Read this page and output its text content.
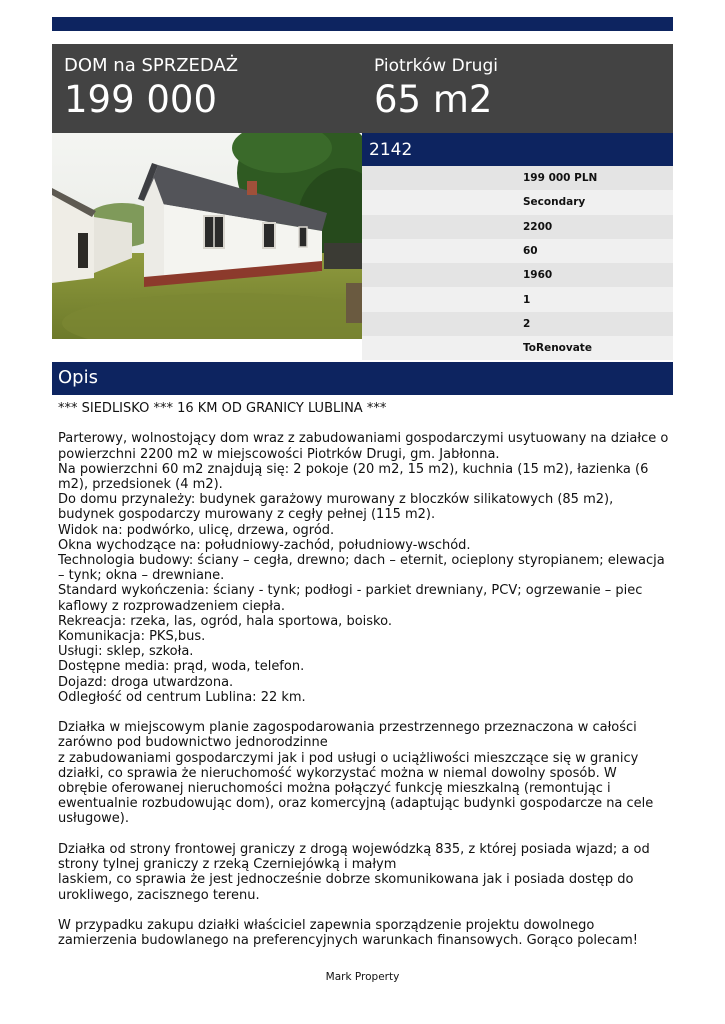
DOM na SPRZEDAŻ
199 000
Piotrków Drugi
65 m2
2142
199 000 PLN
Secondary
2200
60
1960
1
2
ToRenovate
Opis

*** SIEDLISKO *** 16 KM OD GRANICY LUBLINA ***

Parterowy, wolnostojący dom wraz z zabudowaniami gospodarczymi usytuowany na działce o powierzchni 2200 m2 w miejscowości Piotrków Drugi, gm. Jabłonna.

Na powierzchni 60 m2 znajdują się: 2 pokoje (20 m2, 15 m2), kuchnia (15 m2), łazienka (6 m2), przedsionek (4 m2).

Do domu przynależy: budynek garażowy murowany z bloczków silikatowych (85 m2), budynek gospodarczy murowany z cegły pełnej (115 m2).

Widok na: podwórko, ulicę, drzewa, ogród.

Okna wychodzące na: południowy-zachód, południowy-wschód.

Technologia budowy: ściany – cegła, drewno; dach – eternit, ocieplony styropianem; elewacja – tynk; okna – drewniane.

Standard wykończenia: ściany - tynk; podłogi - parkiet drewniany, PCV; ogrzewanie – piec kaflowy z rozprowadzeniem ciepła.

Rekreacja: rzeka, las, ogród, hala sportowa, boisko.

Komunikacja: PKS,bus.

Usługi: sklep, szkoła.

Dostępne media: prąd, woda, telefon.

Dojazd: droga utwardzona.

Odległość od centrum Lublina: 22 km.

Działka w miejscowym planie zagospodarowania przestrzennego przeznaczona w całości zarówno pod budownictwo jednorodzinne

z zabudowaniami gospodarczymi jak i pod usługi o uciążliwości mieszczące się w granicy działki, co sprawia że nieruchomość wykorzystać można w niemal dowolny sposób. W obrębie oferowanej nieruchomości można połączyć funkcję mieszkalną (remontując i ewentualnie rozbudowując dom), oraz komercyjną (adaptując budynki gospodarcze na cele usługowe).

Działka od strony frontowej graniczy z drogą wojewódzką 835, z której posiada wjazd; a od strony tylnej graniczy z rzeką Czerniejówką i małym

laskiem, co sprawia że jest jednocześnie dobrze skomunikowana jak i posiada dostęp do urokliwego, zacisznego terenu.

W przypadku zakupu działki właściciel zapewnia sporządzenie projektu dowolnego zamierzenia budowlanego na preferencyjnych warunkach finansowych. Gorąco polecam!

Mark Property
